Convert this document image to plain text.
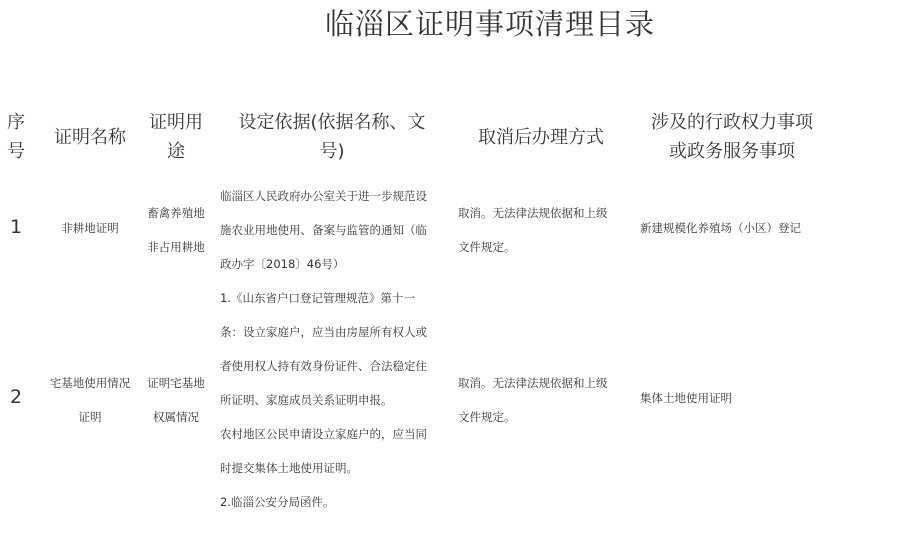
临淄区证明事项清理目录
序
号
证明名称
证明用
途
设定依据(依据名称、文
号)
取消后办理方式
涉及的行政权力事项
或政务服务事项
1	非耕地证明
畜禽养殖地
非占用耕地
临淄区人民政府办公室关于进一步规范设
施农业用地使用、备案与监管的通知（临
政办字〔2018〕46号）
取消。无法律法规依据和上级
文件规定。
新建规模化养殖场（小区）登记
2
宅基地使用情况
证明
证明宅基地
权属情况
1.《山东省户口登记管理规范》第十一
条：设立家庭户，应当由房屋所有权人或
者使用权人持有效身份证件、合法稳定住
所证明、家庭成员关系证明申报。
农村地区公民申请设立家庭户的，应当同
时提交集体土地使用证明。
2.临淄公安分局函件。
取消。无法律法规依据和上级
文件规定。
集体土地使用证明
